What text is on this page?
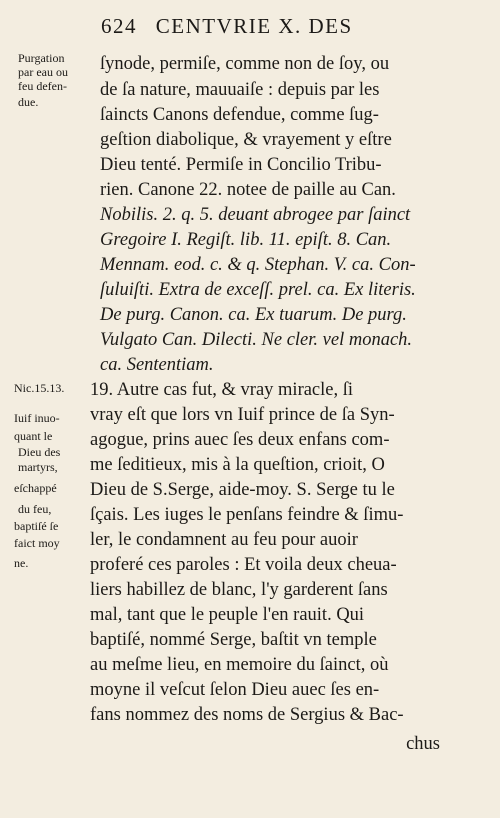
624 CENTVRIE X. DES
Purgation
par eau ou
feu defen-
due.
Nic.15.13.
Iuif inuo-
quant le
Dieu des
martyrs,
eſchappé
du feu,
baptiſé ſe
faict moy
ne.
ſynode, permiſe, comme non de ſoy, ou
de ſa nature, mauuaiſe : depuis par les
ſaincts Canons defendue, comme ſug-
geſtion diabolique, & vrayement y eſtre
Dieu tenté. Permiſe in Concilio Tribu-
rien. Canone 22. notee de paille au Can.
Nobilis. 2. q. 5. deuant abrogee par ſainct
Gregoire I. Regiſt. lib. 11. epiſt. 8. Can.
Mennam. eod. c. & q. Stephan. V. ca. Con-
ſuluiſti. Extra de exceſſ. prel. ca. Ex literis.
De purg. Canon. ca. Ex tuarum. De purg.
Vulgato Can. Dilecti. Ne cler. vel monach.
ca. Sententiam.
19. Autre cas fut, & vray miracle, ſi
vray eſt que lors vn Iuif prince de ſa Syn-
agogue, prins auec ſes deux enfans com-
me ſeditieux, mis à la queſtion, crioit, O
Dieu de S.Serge, aide-moy. S. Serge tu le
ſçais. Les iuges le penſans feindre & ſimu-
ler, le condamnent au feu pour auoir
proferé ces paroles : Et voila deux cheua-
liers habillez de blanc, l'y garderent ſans
mal, tant que le peuple l'en rauit. Qui
baptiſé, nommé Serge, baſtit vn temple
au meſme lieu, en memoire du ſainct, où
moyne il veſcut ſelon Dieu auec ſes en-
fans nommez des noms de Sergius & Bac-
chus
